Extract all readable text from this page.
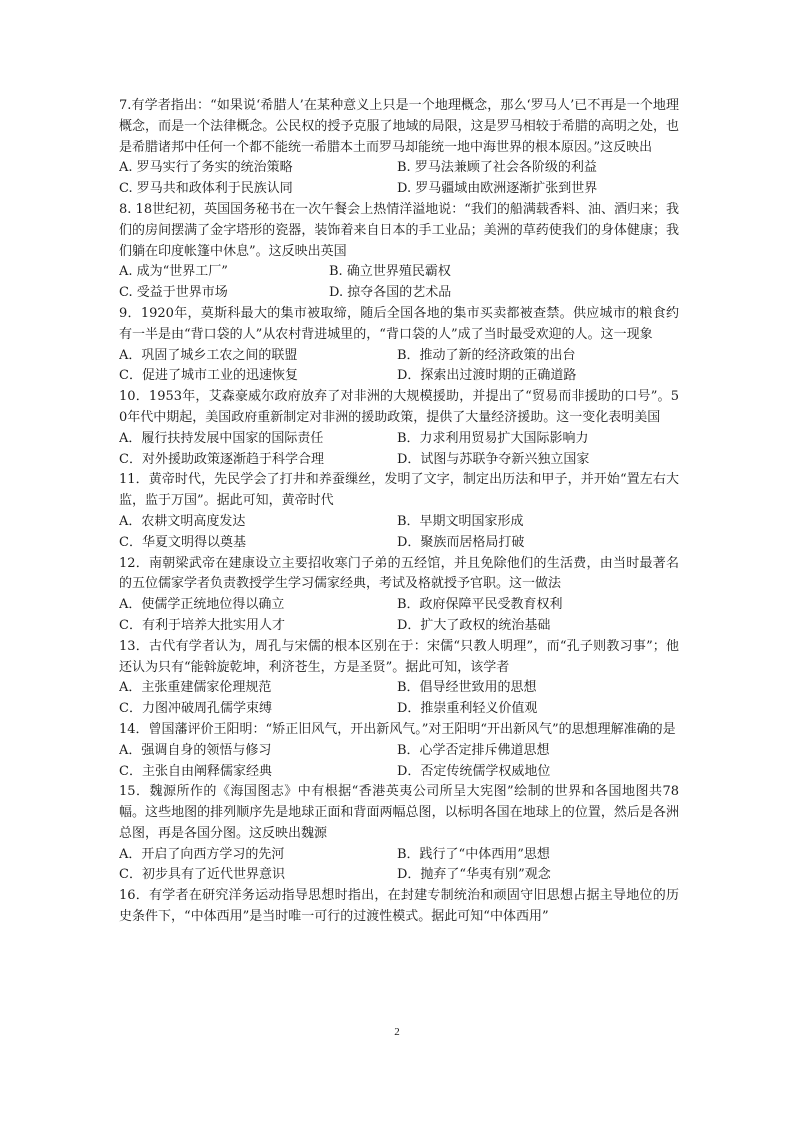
7.有学者指出：“如果说‘希腊人’在某种意义上只是一个地理概念，那么‘罗马人’已不再是一个地理概念，而是一个法律概念。公民权的授予克服了地域的局限，这是罗马相较于希腊的高明之处，也是希腊诸邦中任何一个都不能统一希腊本土而罗马却能统一地中海世界的根本原因。”这反映出

A. 罗马实行了务实的统治策略	B. 罗马法兼顾了社会各阶级的利益
C. 罗马共和政体利于民族认同	D. 罗马疆域由欧洲逐渐扩张到世界

8. 18世纪初，英国国务秘书在一次午餐会上热情洋溢地说：“我们的船满载香料、油、酒归来；我们的房间摆满了金字塔形的瓷器，装饰着来自日本的手工业品；美洲的草药使我们的身体健康；我们躺在印度帐篷中休息”。这反映出英国

A. 成为“世界工厂”	B. 确立世界殖民霸权
C. 受益于世界市场	D. 掠夺各国的艺术品

9．1920年，莫斯科最大的集市被取缔，随后全国各地的集市买卖都被查禁。供应城市的粮食约有一半是由“背口袋的人”从农村背进城里的，“背口袋的人”成了当时最受欢迎的人。这一现象

A．巩固了城乡工农之间的联盟	B．推动了新的经济政策的出台
C．促进了城市工业的迅速恢复	D．探索出过渡时期的正确道路

10．1953年，艾森豪威尔政府放弃了对非洲的大规模援助，并提出了“贸易而非援助的口号”。50年代中期起，美国政府重新制定对非洲的援助政策，提供了大量经济援助。这一变化表明美国

A．履行扶持发展中国家的国际责任	B．力求利用贸易扩大国际影响力
C．对外援助政策逐渐趋于科学合理	D．试图与苏联争夺新兴独立国家

11．黄帝时代，先民学会了打井和养蚕缫丝，发明了文字，制定出历法和甲子，并开始“置左右大监，监于万国”。据此可知，黄帝时代

A．农耕文明高度发达	B．早期文明国家形成
C．华夏文明得以奠基	D．聚族而居格局打破

12．南朝梁武帝在建康设立主要招收寒门子弟的五经馆，并且免除他们的生活费，由当时最著名的五位儒家学者负责教授学生学习儒家经典，考试及格就授予官职。这一做法

A．使儒学正统地位得以确立	B．政府保障平民受教育权利
C．有利于培养大批实用人才	D．扩大了政权的统治基础

13．古代有学者认为，周孔与宋儒的根本区别在于：宋儒“只教人明理”，而“孔子则教习事”；他还认为只有“能斡旋乾坤，利济苍生，方是圣贤”。据此可知，该学者

A．主张重建儒家伦理规范	B．倡导经世致用的思想
C．力图冲破周孔儒学束缚	D．推崇重利轻义价值观

14．曾国藩评价王阳明：“矫正旧风气，开出新风气。”对王阳明“开出新风气”的思想理解准确的是

A．强调自身的领悟与修习	B．心学否定排斥佛道思想
C．主张自由阐释儒家经典	D．否定传统儒学权威地位

15．魏源所作的《海国图志》中有根据“香港英夷公司所呈大宪图”绘制的世界和各国地图共78幅。这些地图的排列顺序先是地球正面和背面两幅总图，以标明各国在地球上的位置，然后是各洲总图，再是各国分图。这反映出魏源

A．开启了向西方学习的先河	B．践行了“中体西用”思想
C．初步具有了近代世界意识	D．抛弃了“华夷有别”观念

16．有学者在研究洋务运动指导思想时指出，在封建专制统治和顽固守旧思想占据主导地位的历史条件下，“中体西用”是当时唯一可行的过渡性模式。据此可知“中体西用”

2
